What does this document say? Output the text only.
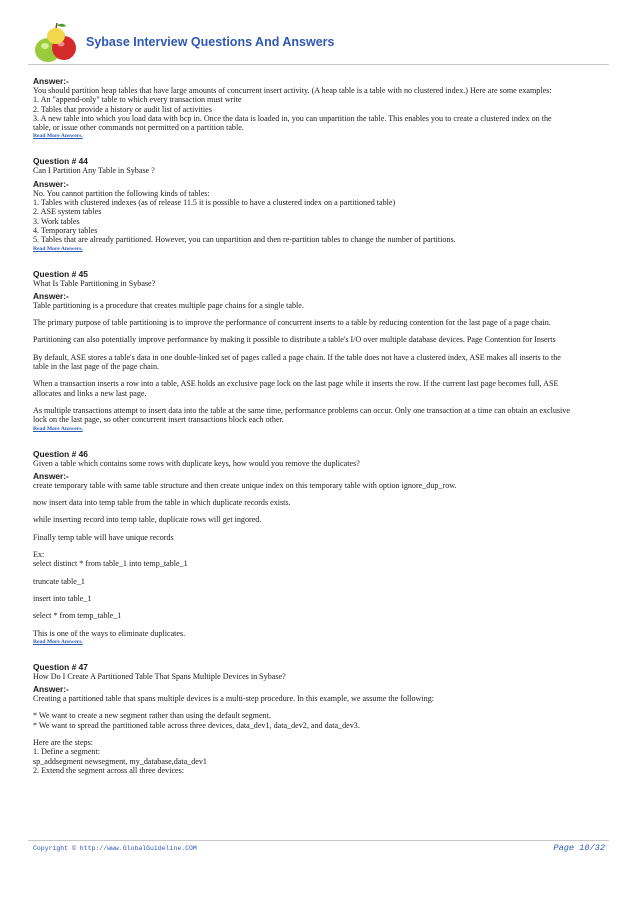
Sybase Interview Questions And Answers
Answer:-
You should partition heap tables that have large amounts of concurrent insert activity. (A heap table is a table with no clustered index.) Here are some examples:
1. An "append-only" table to which every transaction must write
2. Tables that provide a history or audit list of activities
3. A new table into which you load data with bcp in. Once the data is loaded in, you can unpartition the table. This enables you to create a clustered index on the
table, or issue other commands not permitted on a partition table.
Read More Answers.
Question # 44
Can I Partition Any Table in Sybase ?
Answer:-
No. You cannot partition the following kinds of tables:
1. Tables with clustered indexes (as of release 11.5 it is possible to have a clustered index on a partitioned table)
2. ASE system tables
3. Work tables
4. Temporary tables
5. Tables that are already partitioned. However, you can unpartition and then re-partition tables to change the number of partitions.
Read More Answers.
Question # 45
What Is Table Partitioning in Sybase?
Answer:-
Table partitioning is a procedure that creates multiple page chains for a single table.
The primary purpose of table partitioning is to improve the performance of concurrent inserts to a table by reducing contention for the last page of a page chain.
Partitioning can also potentially improve performance by making it possible to distribute a table's I/O over multiple database devices. Page Contention for Inserts
By default, ASE stores a table's data in one double-linked set of pages called a page chain. If the table does not have a clustered index, ASE makes all inserts to the
table in the last page of the page chain.
When a transaction inserts a row into a table, ASE holds an exclusive page lock on the last page while it inserts the row. If the current last page becomes full, ASE
allocates and links a new last page.
As multiple transactions attempt to insert data into the table at the same time, performance problems can occur. Only one transaction at a time can obtain an exclusive
lock on the last page, so other concurrent insert transactions block each other.
Read More Answers.
Question # 46
Given a table which contains some rows with duplicate keys, how would you remove the duplicates?
Answer:-
create temporary table with same table structure and then create unique index on this temporary table with option ignore_dup_row.
now insert data into temp table from the table in which duplicate records exists.
while inserting record into temp table, duplicate rows will get ingored.
Finally temp table will have unique records
Ex:
select distinct * from table_1 into temp_table_1
truncate table_1
insert into table_1
select * from temp_table_1
This is one of the ways to eliminate duplicates.
Read More Answers.
Question # 47
How Do I Create A Partitioned Table That Spans Multiple Devices in Sybase?
Answer:-
Creating a partitioned table that spans multiple devices is a multi-step procedure. In this example, we assume the following:
* We want to create a new segment rather than using the default segment.
* We want to spread the partitioned table across three devices, data_dev1, data_dev2, and data_dev3.
Here are the steps:
1. Define a segment:
sp_addsegment newsegment, my_database,data_dev1
2. Extend the segment across all three devices:
Copyright © http://www.GlobalGuideline.COM	Page 10/32
